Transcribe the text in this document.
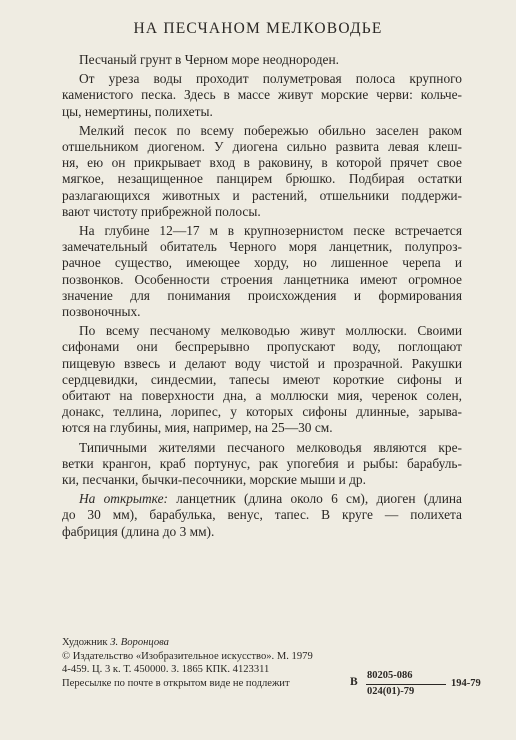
НА ПЕСЧАНОМ МЕЛКОВОДЬЕ

Песчаный грунт в Черном море неоднороден.

От уреза воды проходит полуметровая полоса крупного
каменистого песка. Здесь в массе живут морские черви: кольче-
цы, немертины, полихеты.

Мелкий песок по всему побережью обильно заселен раком
отшельником диогеном. У диогена сильно развита левая клеш-
ня, ею он прикрывает вход в раковину, в которой прячет свое
мягкое, незащищенное панцирем брюшко. Подбирая остатки
разлагающихся животных и растений, отшельники поддержи-
вают чистоту прибрежной полосы.

На глубине 12—17 м в крупнозернистом песке встречается
замечательный обитатель Черного моря ланцетник, полупроз-
рачное существо, имеющее хорду, но лишенное черепа и
позвонков. Особенности строения ланцетника имеют огромное
значение для понимания происхождения и формирования
позвоночных.

По всему песчаному мелководью живут моллюски. Своими
сифонами они беспрерывно пропускают воду, поглощают
пищевую взвесь и делают воду чистой и прозрачной. Ракушки
сердцевидки, синдесмии, тапесы имеют короткие сифоны и
обитают на поверхности дна, а моллюски мия, черенок солен,
донакс, теллина, лорипес, у которых сифоны длинные, зарыва-
ются на глубины, мия, например, на 25—30 см.

Типичными жителями песчаного мелководья являются кре-
ветки крангон, краб портунус, рак упогебия и рыбы: барабуль-
ки, песчанки, бычки-песочники, морские мыши и др.

На открытке: ланцетник (длина около 6 см), диоген (длина
до 30 мм), барабулька, венус, тапес. В круге — полихета
фабриция (длина до 3 мм).

Художник З. Воронцова
© Издательство «Изобразительное искусство». М. 1979
4-459. Ц. 3 к. Т. 450000. З. 1865 КПК. 4123311
Пересылке по почте в открытом виде не подлежит	В
80205-086
024(01)-79
194-79
